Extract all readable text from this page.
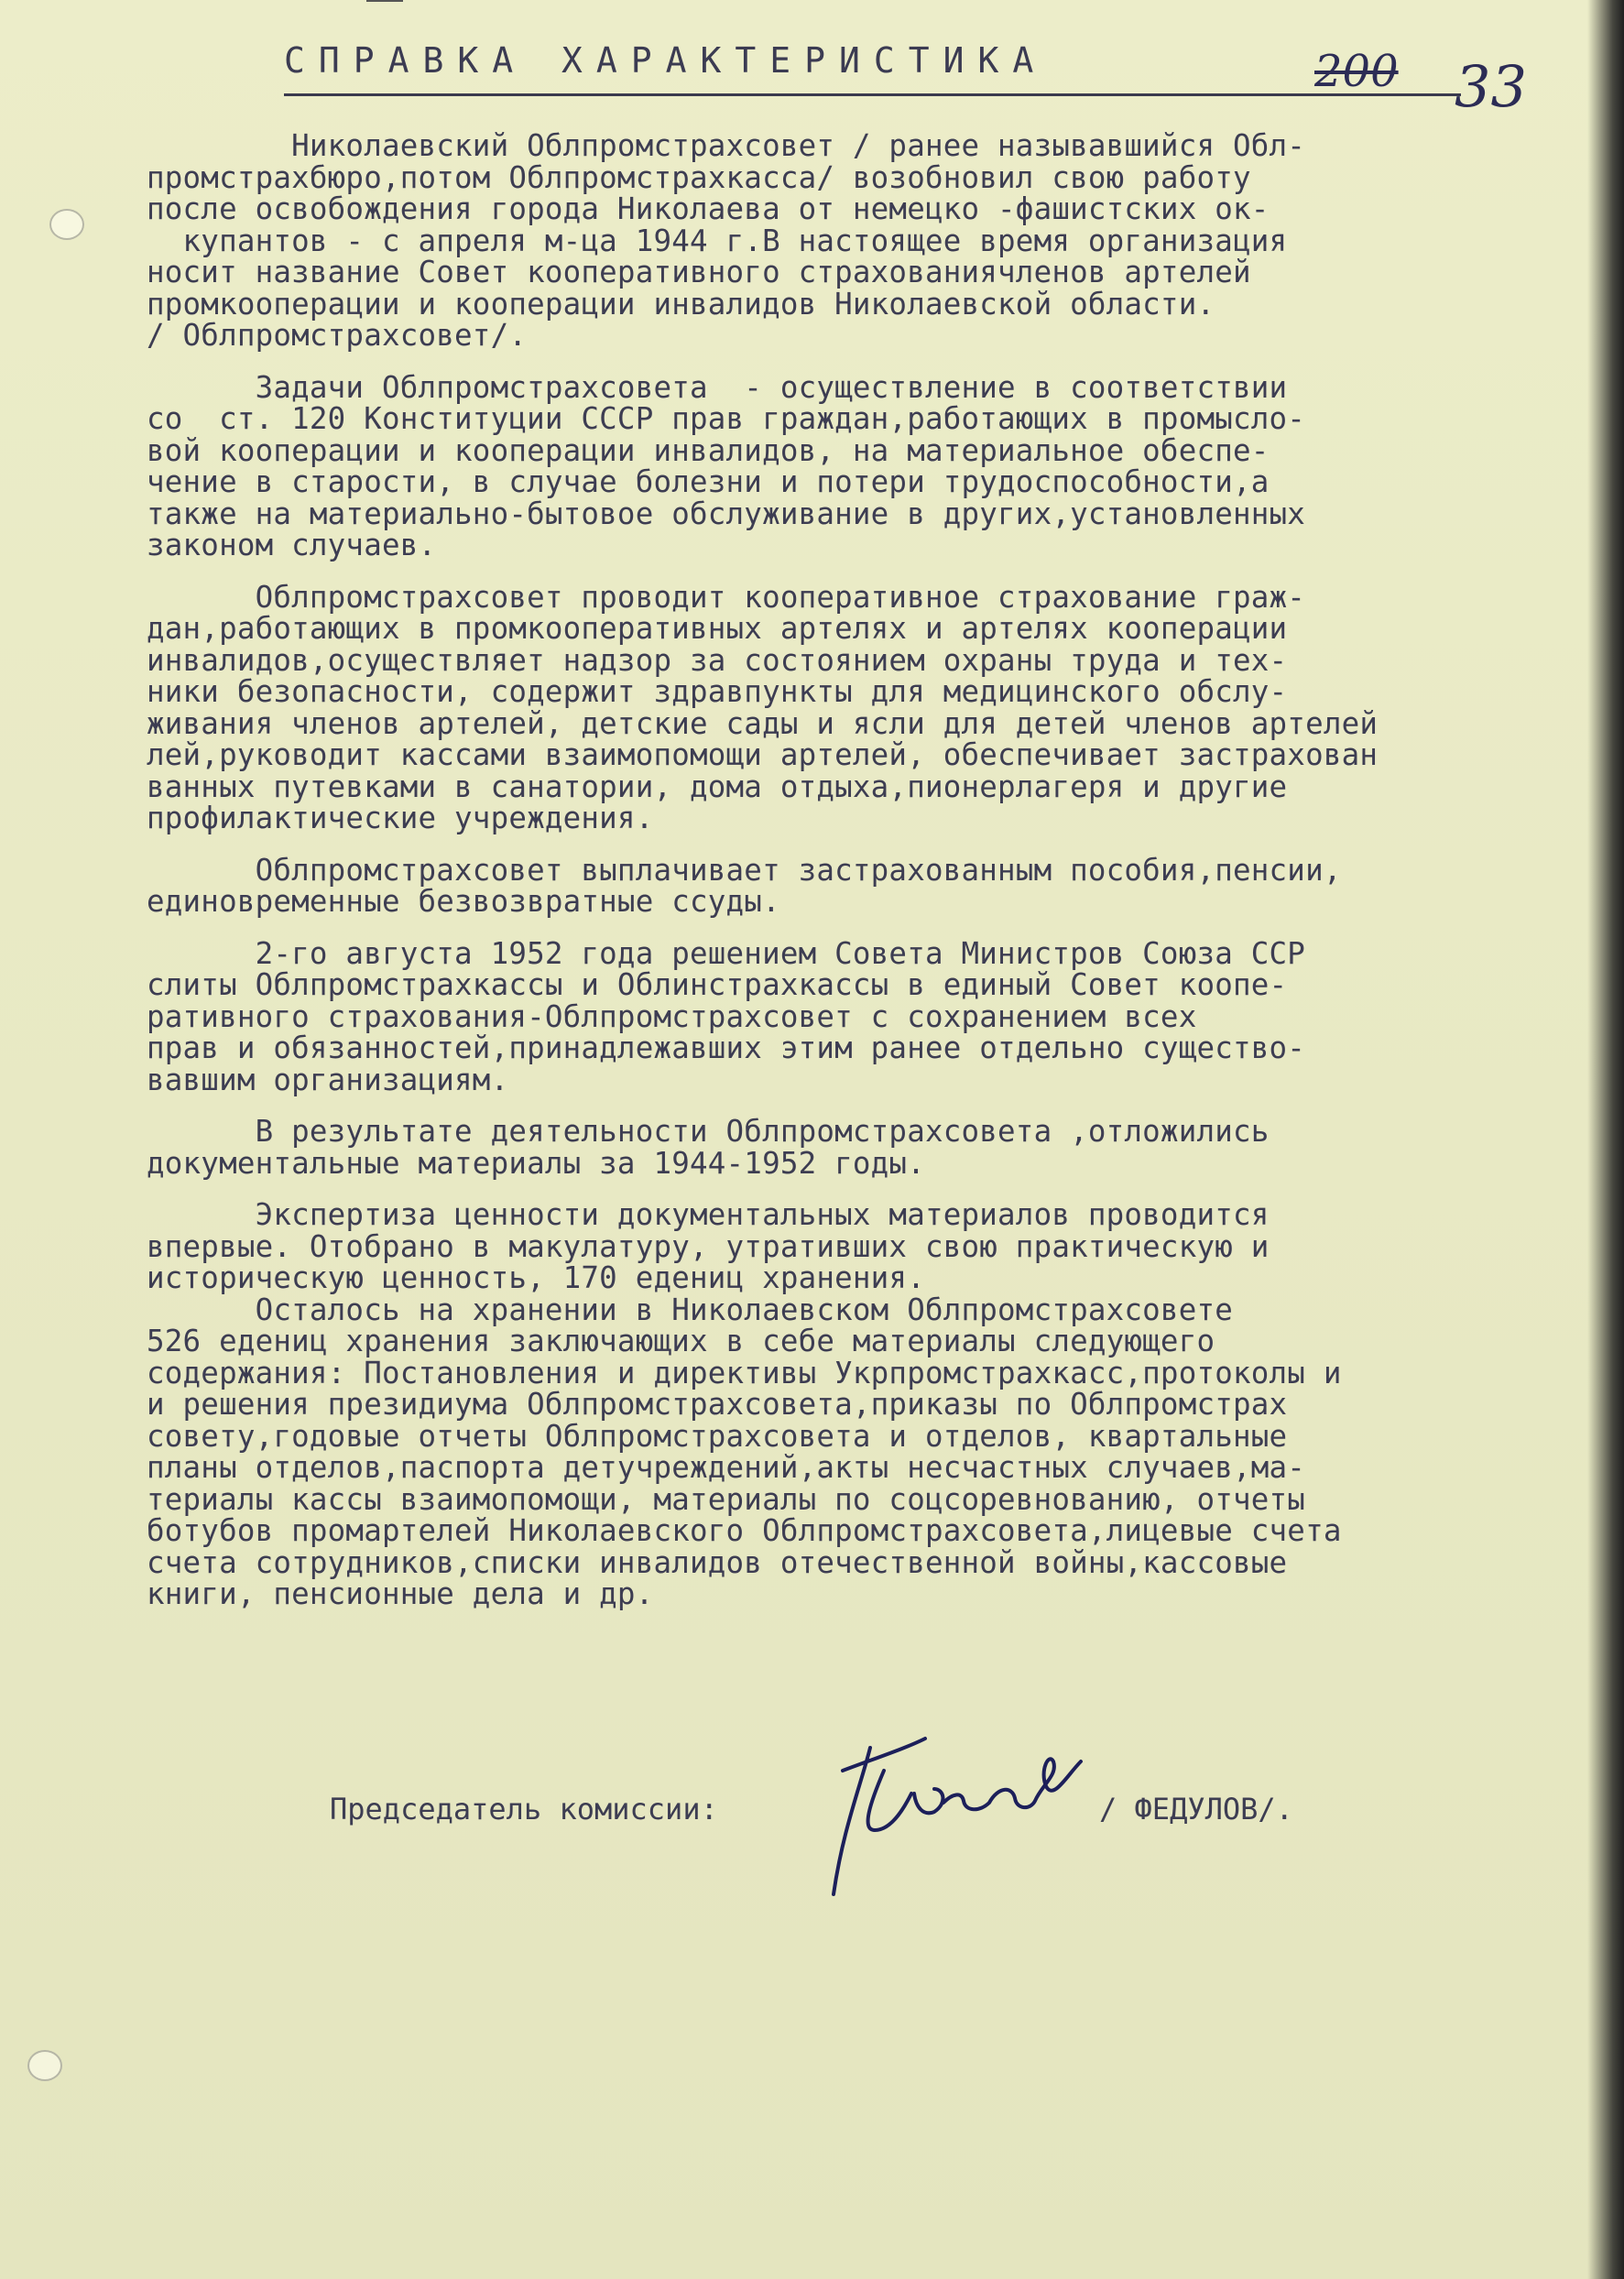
СПРАВКА ХАРАКТЕРИСТИКА	200 33
Николаевский Облпромстрахсовет / ранее называвшийся Обл-
промстрахбюро,потом Облпромстрахкасса/ возобновил свою работу
после освобождения города Николаева от немецко -фашистских ок-
купантов - с апреля м-ца 1944 г.В настоящее время организация
носит название Совет кооперативного страхованиячленов артелей
промкооперации и кооперации инвалидов Николаевской области.
/ Облпромстрахсовет/.
Задачи Облпромстрахсовета  - осуществление в соответствии
со  ст. 120 Конституции СССР прав граждан,работающих в промысло-
вой кооперации и кооперации инвалидов, на материальное обеспе-
чение в старости, в случае болезни и потери трудоспособности,а
также на материально-бытовое обслуживание в других,установленных
законом случаев.
Облпромстрахсовет проводит кооперативное страхование граж-
дан,работающих в промкооперативных артелях и артелях кооперации
инвалидов,осуществляет надзор за состоянием охраны труда и тех-
ники безопасности, содержит здравпункты для медицинского обслу-
живания членов артелей, детские сады и ясли для детей членов артелей
лей,руководит кассами взаимопомощи артелей, обеспечивает застрахован
ванных путевками в санатории, дома отдыха,пионерлагеря и другие
профилактические учреждения.
Облпромстрахсовет выплачивает застрахованным пособия,пенсии,
единовременные безвозвратные ссуды.
2-го августа 1952 года решением Совета Министров Союза ССР
слиты Облпромстрахкассы и Облинстрахкассы в единый Совет коопе-
ративного страхования-Облпромстрахсовет с сохранением всех
прав и обязанностей,принадлежавших этим ранее отдельно существо-
вавшим организациям.
В результате деятельности Облпромстрахсовета ,отложились
документальные материалы за 1944-1952 годы.
Экспертиза ценности документальных материалов проводится
впервые. Отобрано в макулатуру, утративших свою практическую и
историческую ценность, 170 едениц хранения.
Осталось на хранении в Николаевском Облпромстрахсовете
526 едениц хранения заключающих в себе материалы следующего
содержания: Постановления и директивы Укрпромстрахкасс,протоколы и
и решения президиума Облпромстрахсовета,приказы по Облпромстрах
совету,годовые отчеты Облпромстрахсовета и отделов, квартальные
планы отделов,паспорта детучреждений,акты несчастных случаев,ма-
териалы кассы взаимопомощи, материалы по соцсоревнованию, отчеты
ботубов промартелей Николаевского Облпромстрахсовета,лицевые счета
счета сотрудников,списки инвалидов отечественной войны,кассовые
книги, пенсионные дела и др.
Председатель комиссии:	/ ФЕДУЛОВ/.
